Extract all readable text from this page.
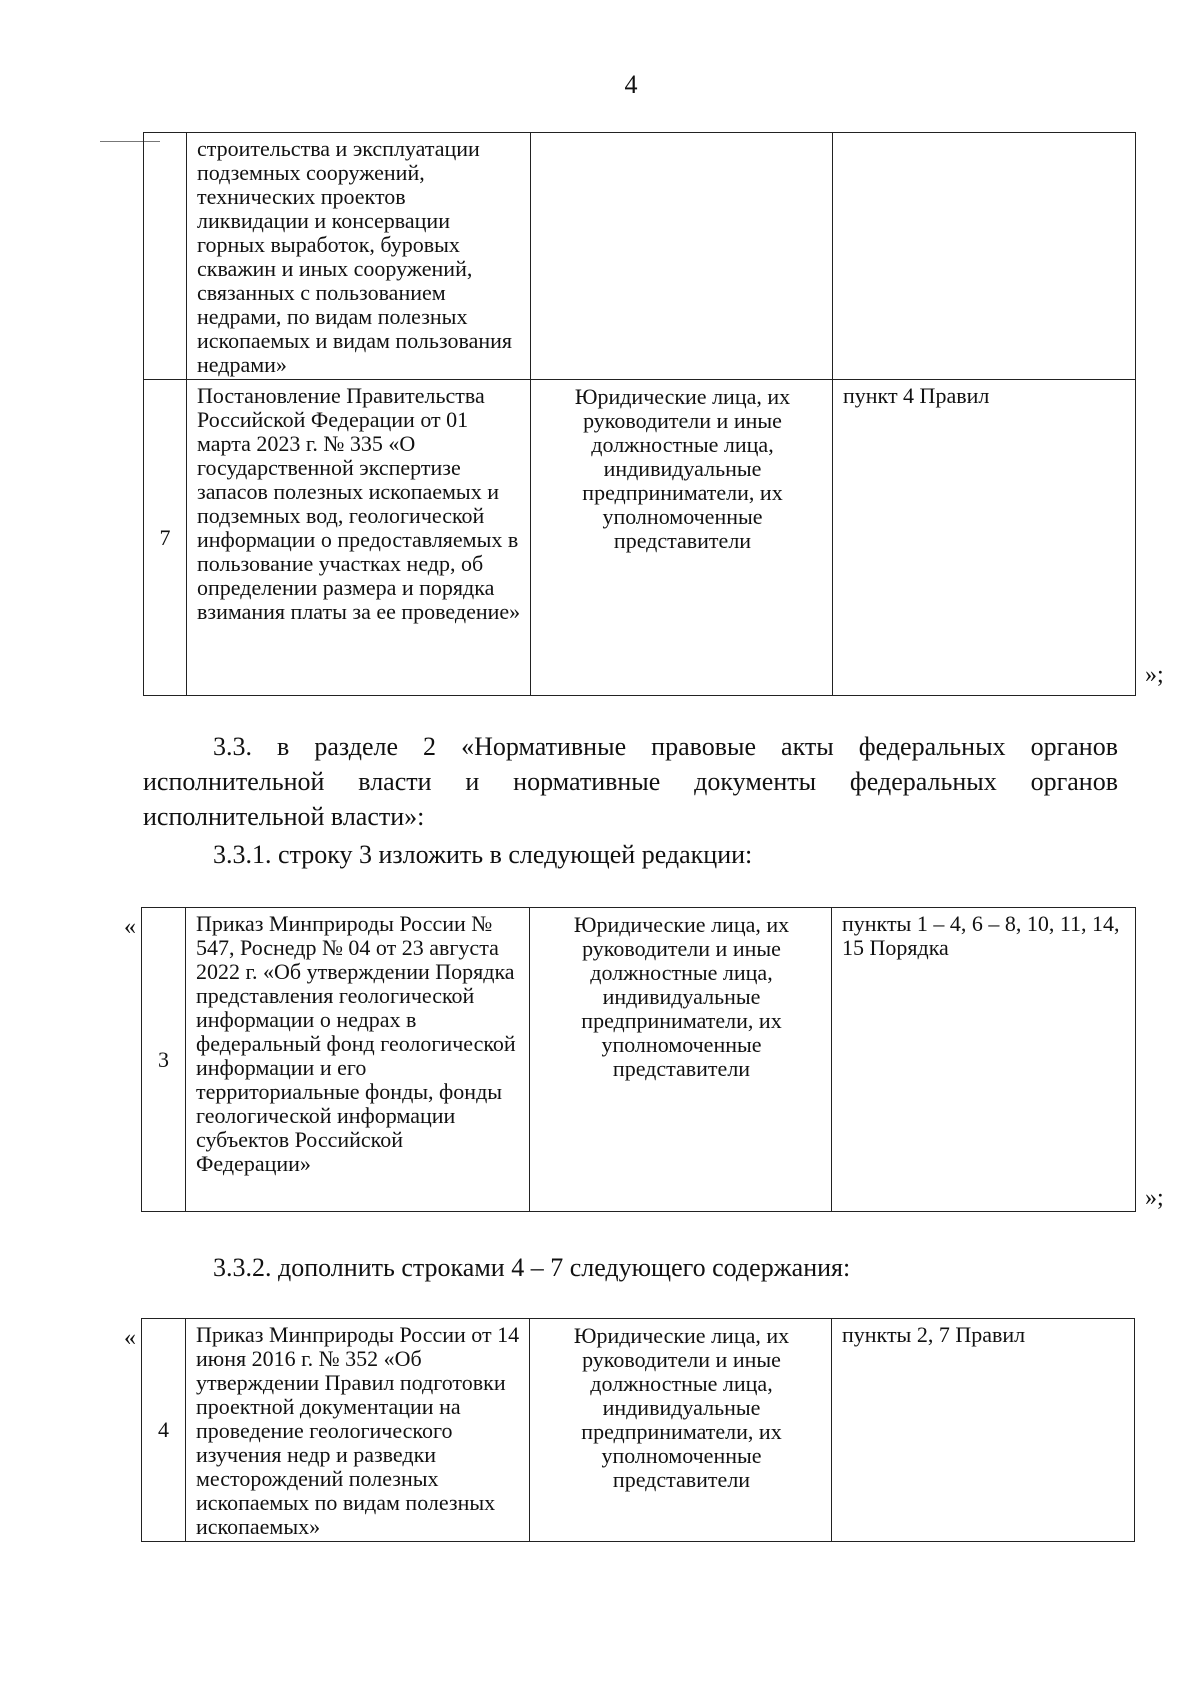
4
	строительства и эксплуатации подземных сооружений, технических проектов ликвидации и консервации горных выработок, буровых скважин и иных сооружений, связанных с пользованием недрами, по видам полезных ископаемых и видам пользования недрами»		
7	Постановление Правительства Российской Федерации от 01 марта 2023 г. № 335 «О государственной экспертизе запасов полезных ископаемых и подземных вод, геологической информации о предоставляемых в пользование участках недр, об определении размера и порядка взимания платы за ее проведение»	Юридические лица, их руководители и иные должностные лица, индивидуальные предприниматели, их уполномоченные представители	пункт 4 Правил
»;
3.3. в разделе 2 «Нормативные правовые акты федеральных органов исполнительной власти и нормативные документы федеральных органов исполнительной власти»:
3.3.1. строку 3 изложить в следующей редакции:
«
3	Приказ Минприроды России № 547, Роснедр № 04 от 23 августа 2022 г. «Об утверждении Порядка представления геологической информации о недрах в федеральный фонд геологической информации и его территориальные фонды, фонды геологической информации субъектов Российской Федерации»	Юридические лица, их руководители и иные должностные лица, индивидуальные предприниматели, их уполномоченные представители	пункты 1 – 4, 6 – 8, 10, 11, 14, 15 Порядка
»;
3.3.2. дополнить строками 4 – 7 следующего содержания:
«
4	Приказ Минприроды России от 14 июня 2016 г. № 352 «Об утверждении Правил подготовки проектной документации на проведение геологического изучения недр и разведки месторождений полезных ископаемых по видам полезных ископаемых»	Юридические лица, их руководители и иные должностные лица, индивидуальные предприниматели, их уполномоченные представители	пункты 2, 7 Правил
